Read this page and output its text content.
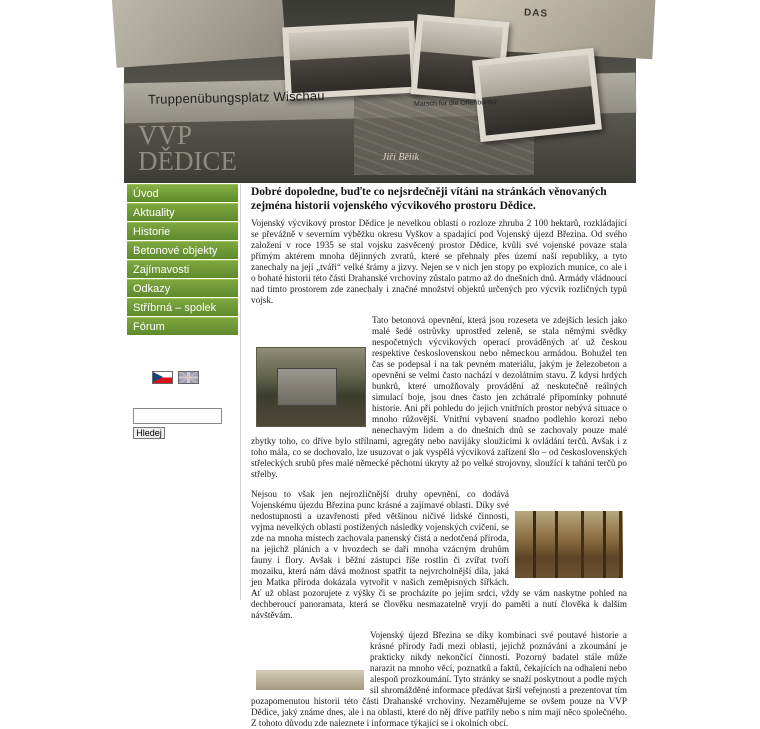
DAS
Truppenübungsplatz Wischau	Marsch für die Offenbürifer
VVP
DĚDICE	Jiří Bělík
Úvod
Aktuality
Historie
Betonové objekty
Zajímavosti
Odkazy
Stříbrná – spolek
Fórum
Hledej

Dobré dopoledne, buďte co nejsrdečněji vítáni na stránkách věnovaných zejména historii vojenského výcvikového prostoru Dědice.

Vojenský výcvikový prostor Dědice je nevelkou oblastí o rozloze zhruba 2 100 hektarů, rozkládající se převážně v severním výběžku okresu Vyškov a spadající pod Vojenský újezd Březina. Od svého založení v roce 1935 se stal vojsku zasvěcený prostor Dědice, kvůli své vojenské povaze stala přímým aktérem mnoha dějinných zvratů, které se přehnaly přes území naší republiky, a tyto zanechaly na její „tváři“ velké šrámy a jizvy. Nejen se v nich jen stopy po explozích munice, co ale i o bohaté historii této části Drahanské vrchoviny zůstalo patrno až do dnešních dnů. Armády vládnoucí nad tímto prostorem zde zanechaly i značné množství objektů určených pro výcvik rozličných typů vojsk.

Tato betonová opevnění, která jsou rozeseta ve zdejších lesích jako malé šedé ostrůvky uprostřed zeleně, se stala němými svědky nespočetných výcvikových operací prováděných ať už českou respektive československou nebo německou armádou. Bohužel ten čas se podepsal i na tak pevném materiálu, jakým je železobeton a opevnění se velmi často nachází v dezolátním stavu. Z kdysi hrdých bunkrů, které umožňovaly provádění až neskutečně reálných simulací boje, jsou dnes často jen zchátralé připomínky pohnuté historie. Ani při pohledu do jejich vnitřních prostor nebývá situace o mnoho růžovější. Vnitřní vybavení snadno podlehlo korozi nebo nenechavým lidem a do dnešních dnů se zachovaly pouze malé zbytky toho, co dříve bylo střílnami, agregáty nebo navijáky sloužícími k ovládání terčů. Avšak i z toho mála, co se dochovalo, lze usuzovat o jak vyspělá výcviková zařízení šlo – od československých střeleckých srubů přes malé německé pěchotní úkryty až po velké strojovny, sloužící k tahání terčů po střelby.

Nejsou to však jen nejrozličnější druhy opevnění, co dodává Vojenskému újezdu Březina punc krásné a zajímavé oblasti. Díky své nedostupnosti a uzavřenosti před většinou ničivé lidské činnosti, vyjma nevelkých oblastí postižených následky vojenských cvičení, se zde na mnoha místech zachovala panenský čistá a nedotčená příroda, na jejichž pláních a v hvozdech se daří mnoha vzácným druhům fauny i flory. Avšak i běžní zástupci říše rostlin či zvířat tvoří mozaiku, která nám dává možnost spatřit ta nejvrcholnější díla, jaká jen Matka příroda dokázala vytvořit v našich zeměpisných šířkách. Ať už oblast pozorujete z výšky či se procházíte po jejím srdci, vždy se vám naskytne pohled na dechberoucí panoramata, která se člověku nesmazatelně vryjí do paměti a nutí člověka k dalším návštěvám.

Vojenský újezd Březina se díky kombinaci své poutavé historie a krásné přírody řadí mezi oblasti, jejichž poznávání a zkoumání je prakticky nikdy nekončící činností. Pozorný badatel stále může narazit na mnoho věcí, poznatků a faktů, čekajících na odhalení nebo alespoň prozkoumání. Tyto stránky se snaží poskytnout a podle mých sil shromážděné informace předávat širší veřejnosti a prezentovat tím pozapomenutou historii této části Drahanské vrchoviny. Nezaměřujeme se ovšem pouze na VVP Dědice, jaký známe dnes, ale i na oblasti, které do něj dříve patřily nebo s ním mají něco společného. Z tohoto důvodu zde naleznete i informace týkající se i okolních obcí.
